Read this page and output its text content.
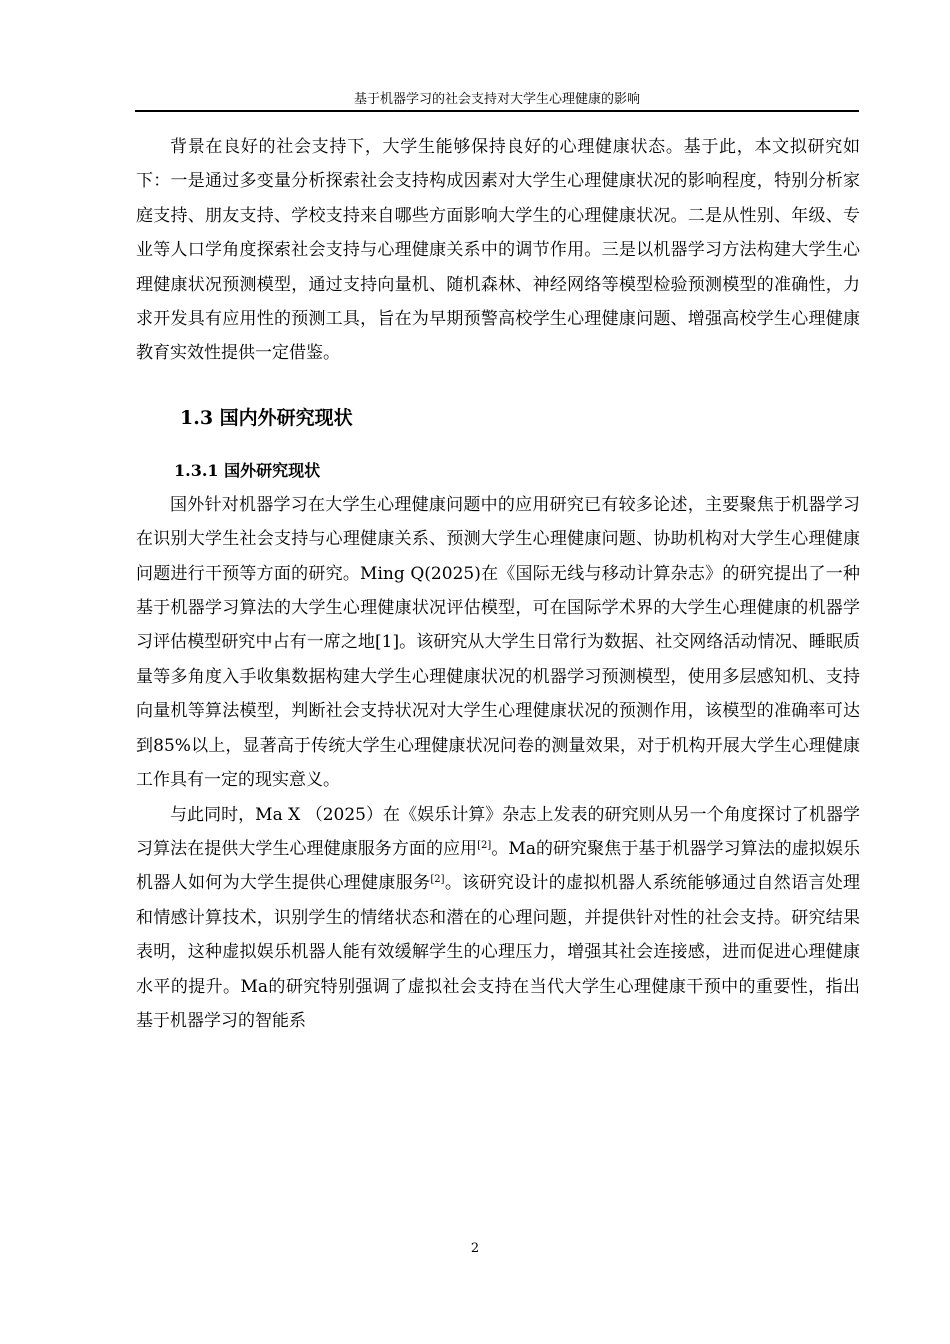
基于机器学习的社会支持对大学生心理健康的影响

背景在良好的社会支持下，大学生能够保持良好的心理健康状态。基于此，本文拟研究如下：一是通过多变量分析探索社会支持构成因素对大学生心理健康状况的影响程度，特别分析家庭支持、朋友支持、学校支持来自哪些方面影响大学生的心理健康状况。二是从性别、年级、专业等人口学角度探索社会支持与心理健康关系中的调节作用。三是以机器学习方法构建大学生心理健康状况预测模型，通过支持向量机、随机森林、神经网络等模型检验预测模型的准确性，力求开发具有应用性的预测工具，旨在为早期预警高校学生心理健康问题、增强高校学生心理健康教育实效性提供一定借鉴。

1.3 国内外研究现状
1.3.1 国外研究现状

国外针对机器学习在大学生心理健康问题中的应用研究已有较多论述，主要聚焦于机器学习在识别大学生社会支持与心理健康关系、预测大学生心理健康问题、协助机构对大学生心理健康问题进行干预等方面的研究。Ming Q(2025)在《国际无线与移动计算杂志》的研究提出了一种基于机器学习算法的大学生心理健康状况评估模型，可在国际学术界的大学生心理健康的机器学习评估模型研究中占有一席之地[1]。该研究从大学生日常行为数据、社交网络活动情况、睡眠质量等多角度入手收集数据构建大学生心理健康状况的机器学习预测模型，使用多层感知机、支持向量机等算法模型，判断社会支持状况对大学生心理健康状况的预测作用，该模型的准确率可达到85%以上，显著高于传统大学生心理健康状况问卷的测量效果，对于机构开展大学生心理健康工作具有一定的现实意义。

与此同时，Ma X （2025）在《娱乐计算》杂志上发表的研究则从另一个角度探讨了机器学习算法在提供大学生心理健康服务方面的应用[2]。Ma的研究聚焦于基于机器学习算法的虚拟娱乐机器人如何为大学生提供心理健康服务[2]。该研究设计的虚拟机器人系统能够通过自然语言处理和情感计算技术，识别学生的情绪状态和潜在的心理问题，并提供针对性的社会支持。研究结果表明，这种虚拟娱乐机器人能有效缓解学生的心理压力，增强其社会连接感，进而促进心理健康水平的提升。Ma的研究特别强调了虚拟社会支持在当代大学生心理健康干预中的重要性，指出基于机器学习的智能系

2
